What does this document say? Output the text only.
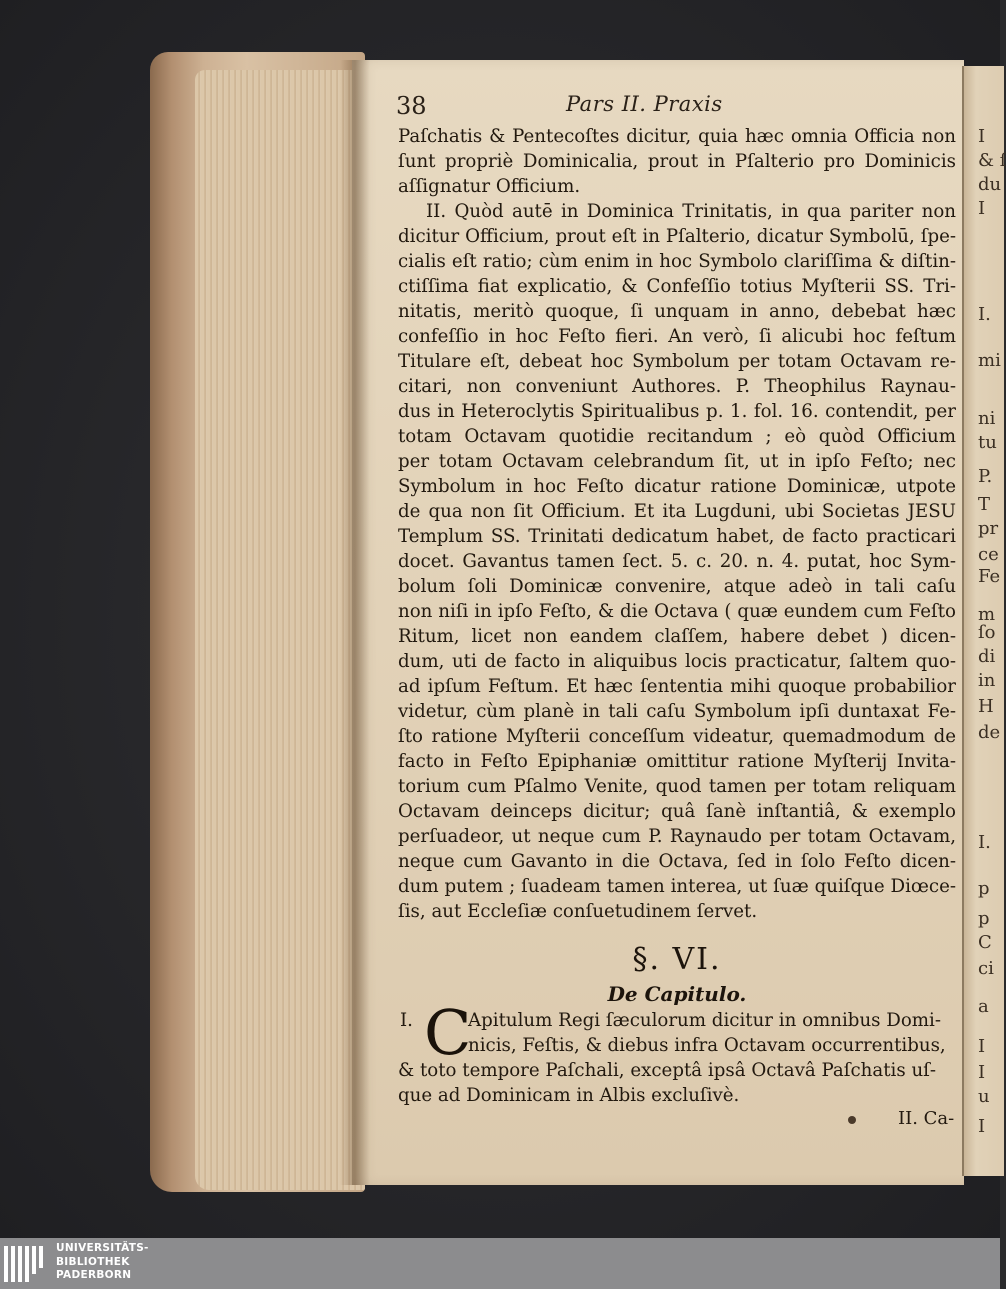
I
& ſ
du
I
I.
mi
ni
tu
P.
T
pr
ce
Fe
m
ſo
di
in
H
de
I.
p
p
C
ci
a
I
I
u
I
38	Pars II. Praxis
Paſchatis & Pentecoſtes dicitur, quia hæc omnia Officia non
ſunt propriè Dominicalia, prout in Pſalterio pro Dominicis
aſſignatur Officium.
II. Quòd autē in Dominica Trinitatis, in qua pariter non
dicitur Officium, prout eſt in Pſalterio, dicatur Symbolū, ſpe-
cialis eſt ratio; cùm enim in hoc Symbolo clariſſima & diſtin-
ctiſſima fiat explicatio, & Confeſſio totius Myſterii SS. Tri-
nitatis, meritò quoque, ſi unquam in anno, debebat hæc
confeſſio in hoc Feſto fieri. An verò, ſi alicubi hoc feſtum
Titulare eſt, debeat hoc Symbolum per totam Octavam re-
citari, non conveniunt Authores. P. Theophilus Raynau-
dus in Heteroclytis Spiritualibus p. 1. fol. 16. contendit, per
totam Octavam quotidie recitandum ; eò quòd Officium
per totam Octavam celebrandum ſit, ut in ipſo Feſto; nec
Symbolum in hoc Feſto dicatur ratione Dominicæ, utpote
de qua non ſit Officium. Et ita Lugduni, ubi Societas JESU
Templum SS. Trinitati dedicatum habet, de facto practicari
docet. Gavantus tamen ſect. 5. c. 20. n. 4. putat, hoc Sym-
bolum ſoli Dominicæ convenire, atque adeò in tali caſu
non niſi in ipſo Feſto, & die Octava ( quæ eundem cum Feſto
Ritum, licet non eandem claſſem, habere debet ) dicen-
dum, uti de facto in aliquibus locis practicatur, ſaltem quo-
ad ipſum Feſtum. Et hæc ſententia mihi quoque probabilior
videtur, cùm planè in tali caſu Symbolum ipſi duntaxat Fe-
ſto ratione Myſterii conceſſum videatur, quemadmodum de
facto in Feſto Epiphaniæ omittitur ratione Myſterij Invita-
torium cum Pſalmo Venite, quod tamen per totam reliquam
Octavam deinceps dicitur; quâ ſanè inſtantiâ, & exemplo
perſuadeor, ut neque cum P. Raynaudo per totam Octavam,
neque cum Gavanto in die Octava, ſed in ſolo Feſto dicen-
dum putem ; ſuadeam tamen interea, ut ſuæ quiſque Diœce-
ſis, aut Eccleſiæ conſuetudinem ſervet.
§. VI.
De Capitulo.
I. C
Apitulum Regi ſæculorum dicitur in omnibus Domi-
nicis, Feſtis, & diebus infra Octavam occurrentibus,
& toto tempore Paſchali, exceptâ ipsâ Octavâ Paſchatis uſ-
que ad Dominicam in Albis excluſivè.
II. Ca-
UNIVERSITÄTS-
BIBLIOTHEK
PADERBORN
